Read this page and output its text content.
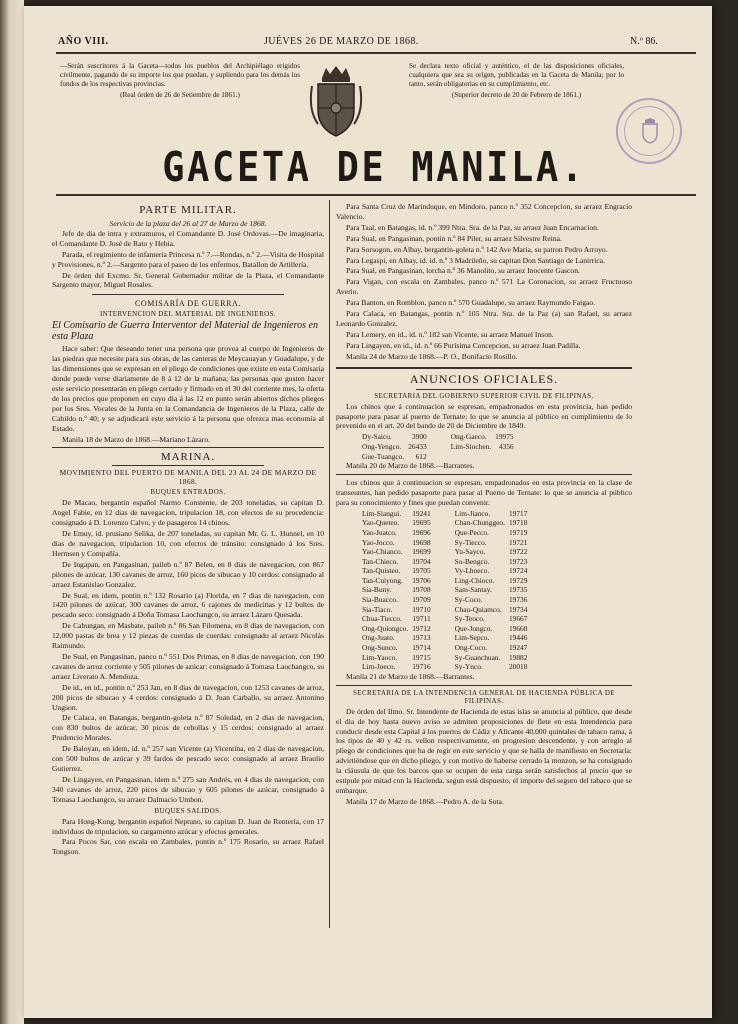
AÑO VIII.	JUÉVES 26 DE MARZO DE 1868.	N.º 86.
—Serán suscritores á la Gaceta—todos los pueblos del Archipiélago erigidos civilmente, pagando de su importe los que puedan, y supliendo para los demás los fondos de los respectivas provincias.
(Real órden de 26 de Setiembre de 1861.)
Se declara texto oficial y auténtico, el de las disposiciones oficiales, cualquiera que sea su orígen, publicadas en la Gaceta de Manila; por lo tanto, serán obligatorias en su cumplimiento, etc.
(Superior decreto de 20 de Febrero de 1861.)
GACETA DE MANILA.
PARTE MILITAR.
Servicio de la plaza del 26 al 27 de Marzo de 1868.
Jefe de dia de intra y extramuros, el Comandante D. José Ordovas.—De imaginaria, el Comandante D. José de Rato y Hebia.
Parada, el regimiento de infantería Princesa n.º 7.—Rondas, n.º 2.—Visita de Hospital y Provisiones, n.º 2.—Sargento para el paseo de los enfermos, Batallon de Artillería.
De órden del Excmo. Sr. General Gobernador militar de la Plaza, el Comandante Sargento mayor, Miguel Rosales.
COMISARÍA DE GUERRA.
INTERVENCION DEL MATERIAL DE INGENIEROS.
El Comisario de Guerra Interventor del Material de Ingenieros en esta Plaza
Hace saber: Que deseando tener una persona que provea al cuerpo de Ingenieros de las piedras que necesite para sus obras, de las canteras de Meycauayan y Guadalupe, y de las dimensiones que se expresan en el pliego de condiciones que existe en esta Comisaría donde puede verse diariamente de 8 á 12 de la mañana; las personas que gusten hacer este servicio presentarán en pliego cerrado y firmado en el 30 del corriente mes, la oferta de los precios que proponen en cuyo dia á las 12 en punto serán abiertos dichos pliegos por los Sres. Vocales de la Junta en la Comandancia de Ingenieros de la Plaza, calle de Cabildo n.º 40; y se adjudicará este servicio á la persona que ofrezca mas economía al Estado.
Manila 18 de Marzo de 1868.—Mariano Lázaro.
MARINA.
MOVIMIENTO DEL PUERTO DE MANILA DEL 23 AL 24 DE MARZO DE 1868.
BUQUES ENTRADOS.
De Macao, bergantin español Narmo Constente, de 203 toneladas, su capitan D. Angel Fabie, en 12 dias de navegacion, tripulacion 18, con efectos de su procedencia: consignado á D. Lorenzo Calvo, y de pasageros 14 chinos.
De Emuy, id. prusiano Selika, de 207 toneladas, su capitan Mr. G. L. Hunnel, en 10 dias de navegacion, tripulacion 10, con efectos de tránsito: consignado á los Sres. Hermsen y Compañía.
De Ingapan, en Pangasinan, paileb n.º 87 Belen, en 8 dias de navegacion, con 867 pilones de azúcar, 130 cavanes de arroz, 160 picos de sibucao y 10 cerdos: consignado al arraez Estanislao Gonzalez.
De Sual, en idem, pontin n.º 132 Rosario (a) Florida, en 7 dias de navegacion, con 1420 pilones de azúcar, 300 cavanes de arroz, 6 cajones de medicinas y 12 bultos de pescado seco: consignado á Doña Tomasa Laochangco, su arraez Lázaro Quesada.
De Cabungan, en Masbate, paileb n.º 86 San Filomena, en 8 dias de navegacion, con 12,000 pastas de brea y 12 piezas de cuerdas de cuerdas: consignado al arraez Nicolás Raimundo.
De Sual, en Pangasinan, panco n.º 551 Dos Primas, en 8 dias de navegacion, con 190 cavanes de arroz corriente y 505 pilones de azúcar: consignado á Tomasa Laochangco, su arraez Liverato A. Mendoza.
De id., en id., pontin n.º 253 Jan, en 8 dias de navegacion, con 1253 cavanes de arroz, 200 picos de sibucao y 4 cerdos: consignado á D. Juan Carballo, su arraez Antonino Ungson.
De Calaca, en Batangas, bergantin-goleta n.º 87 Soledad, en 2 dias de navegacion, con 830 bultos de azúcar, 30 picos de cebollas y 15 cerdos: consignado al arraez Prudencio Morales.
De Baloyan, en idem, id. n.º 257 san Vicente (a) Vicentina, en 2 dias de navegacion, con 500 bultos de azúcar y 39 fardos de pescado seco: consignado al arraez Braulio Gutierrez.
De Lingayen, en Pangasinan, idem n.º 275 san Andrés, en 4 dias de navegacion, con 340 cavanes de arroz, 220 picos de sibucao y 605 pilones de azúcar, consignado á Tomasa Laochangco, su arraez Dalmacio Umbon.
BUQUES SALIDOS.
Para Hong-Kong, bergantin español Neptuno, su capitan D. Juan de Rentería, con 17 individuos de tripulacion, su cargamento azúcar y efectos generales.
Para Pocos Sar, con escala en Zambales, pontin n.º 175 Rosario, su arraez Rafael Tongson.
Para Santa Cruz de Marinduque, en Mindoro, panco n.º 352 Concepcion, su arraez Engracio Valencio.
Para Taal, en Batangas, id. n.º 399 Ntra. Sra. de la Paz, su arraez Juan Encarnacion.
Para Sual, en Pangasinan, pontin n.º 84 Piler, su arraez Silvestre Reina.
Para Sorsogon, en Albay, bergantin-goleta n.º 142 Ave Maria, su patron Pedro Arroyo.
Para Legaspi, en Albay, id. id. n.º 3 Madrileño, su capitan Don Santiago de Lanirrica.
Para Sual, en Pangasinan, lorcha n.º 36 Manolito, su arraez Inocente Gascon.
Para Vigan, con escala en Zambales, panco n.º 571 La Coronacion, su arraez Fructuoso Averio.
Para Banton, en Romblon, panco n.º 570 Guadalupe, su arraez Raymundo Faigao.
Para Calaca, en Batangas, pontin n.º 105 Ntra. Sra. de la Paz (a) san Rafael, su arraez Leonardo Gonzalez.
Para Lemery, en id., id. n.º 182 san Vicente, su arraez Manuel Inson.
Para Lingayen, en id., id. n.º 66 Purísima Concepcion, su arraez Juan Padilla.
Manila 24 de Marzo de 1868.—P. O., Bonifacio Rosillo.
ANUNCIOS OFICIALES.
SECRETARIA DEL GOBIERNO SUPERIOR CIVIL DE FILIPINAS.
Los chinos que á continuacion se espresan, empadronados en esta provincia, han pedido pasaporte para pasar al puerto de Ternate: lo que se anuncia al público en cumplimiento de lo prevenido en el art. 20 del bando de 20 de Diciembre de 1849.
Dy-Saico.	3900	Ong-Gaeco.	19975
Ong-Yengco.	26433	Lim-Siochen.	4356
Gue-Tuangco.	612		
Manila 20 de Marzo de 1868.—Barrantes.
Los chinos que á continuacion se espresan, empadronados en esta provincia en la clase de transeuntes, han pedido pasaporte para pasar al Puerto de Ternate: lo que se anuncia al público para su conocimiento y fines que puedan convenir.
Lim-Siangui.	19241	Lim-Jianco.	19717
Yao-Queteo.	19695	Chan-Chunggeo.	19718
Yao-Juatco.	19696	Que-Pecco.	19719
Yao-Jocco.	19698	Sy-Tiecco.	19721
Yao-Chianco.	19699	Yu-Sayco.	19722
Tan-Chieco.	19704	So-Bengco.	19723
Tan-Quisteo.	19705	Vy-Lhoeco.	19724
Tan-Cuiyong.	19706	Ling-Chioco.	19729
Sia-Buny.	19708	Sam-Santay.	19735
Sia-Buacco.	19709	Sy-Coco.	19736
Sia-Tiaco.	19710	Chau-Quiamco.	19734
Chua-Tiecco.	19711	Sy-Teoco.	19667
Ong-Quiongco.	19712	Que-Jongco.	19668
Ong-Juato.	19713	Lim-Sepco.	19446
Ong-Sunco.	19714	Ong-Coco.	19247
Lim-Yaoco.	19715	Sy-Guanchuan.	19882
Lim-Joeco.	19716	Sy-Ynco.	20018
Manila 21 de Marzo de 1868.—Barrantes.
SECRETARIA DE LA INTENDENCIA GENERAL DE HACIENDA PÚBLICA DE FILIPINAS.
De órden del Ilmo. Sr. Intendente de Hacienda de estas islas se anuncia al público, que desde el dia de hoy hasta nuevo aviso se admiten proposiciones de flete en esta Intendencia para conducir desde esta Capital á los puertos de Cádiz y Alicante 40,000 quintales de tabaco rama, á los tipos de 40 y 42 rs. vellon respectivamente, en progresion descendente, y con arreglo al pliego de condiciones que ha de regir en este servicio y que se halla de manifiesto en Secretaría: advirtiéndose que en dicho pliego, y con motivo de haberse cerrado la monzon, se ha consignado la cláusula de que los barcos que se ocupen de esta carga serán satisfechos al precio que se estipule por mitad con la Hacienda, segun está dispuesto, el importe del seguro del tabaco que se embarque.
Manila 17 de Marzo de 1868.—Pedro A. de la Sota.
